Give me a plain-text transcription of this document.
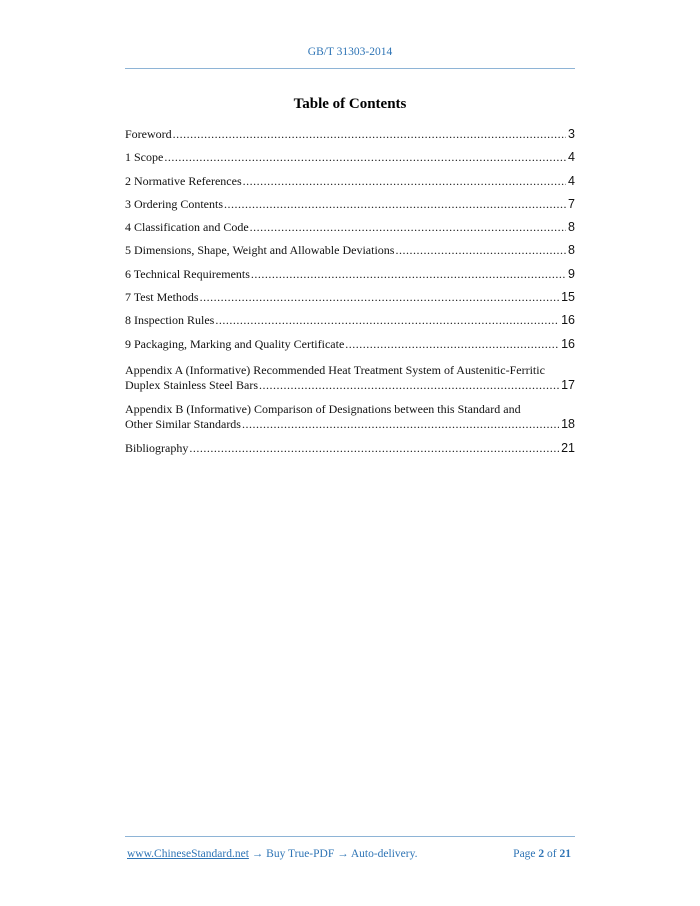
GB/T 31303-2014
Table of Contents
Foreword .....	3
1 Scope .....	4
2 Normative References .....	4
3 Ordering Contents .....	7
4 Classification and Code .....	8
5 Dimensions, Shape, Weight and Allowable Deviations .....	8
6 Technical Requirements .....	9
7 Test Methods .....	15
8 Inspection Rules .....	16
9 Packaging, Marking and Quality Certificate .....	16
Appendix A (Informative) Recommended Heat Treatment System of Austenitic-Ferritic
Duplex Stainless Steel Bars .....	17
Appendix B (Informative) Comparison of Designations between this Standard and
Other Similar Standards .....	18
Bibliography .....	21
www.ChineseStandard.net → Buy True-PDF → Auto-delivery.	Page 2 of 21
